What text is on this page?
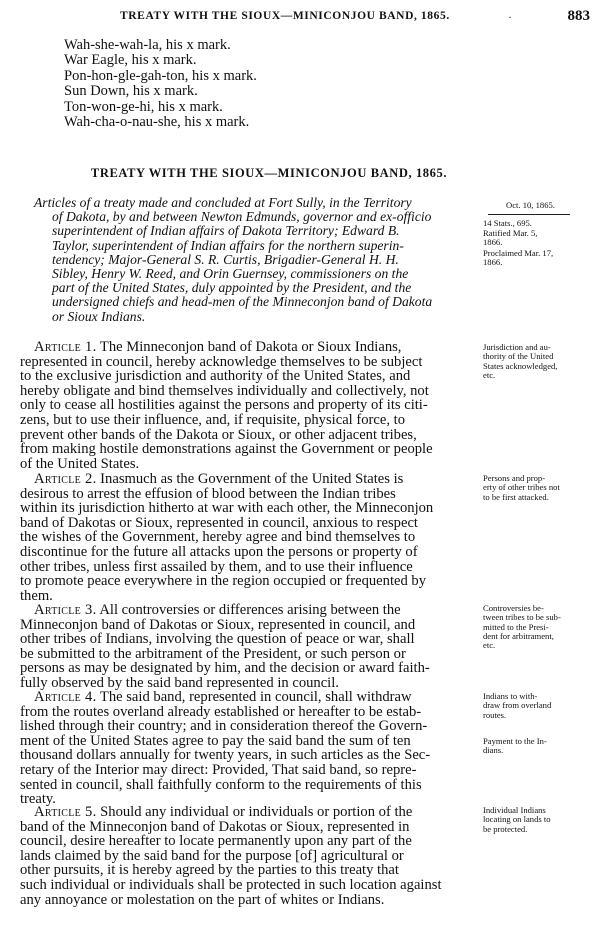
TREATY WITH THE SIOUX—MINICONJOU BAND, 1865.	·	883
Wah-she-wah-la, his x mark.
War Eagle, his x mark.
Pon-hon-gle-gah-ton, his x mark.
Sun Down, his x mark.
Ton-won-ge-hi, his x mark.
Wah-cha-o-nau-she, his x mark.
TREATY WITH THE SIOUX—MINICONJOU BAND, 1865.
Articles of a treaty made and concluded at Fort Sully, in the Territory
of Dakota, by and between Newton Edmunds, governor and ex-officio
superintendent of Indian affairs of Dakota Territory; Edward B.
Taylor, superintendent of Indian affairs for the northern superin-
tendency; Major-General S. R. Curtis, Brigadier-General H. H.
Sibley, Henry W. Reed, and Orin Guernsey, commissioners on the
part of the United States, duly appointed by the President, and the
undersigned chiefs and head-men of the Minneconjon band of Dakota
or Sioux Indians.
Article 1. The Minneconjon band of Dakota or Sioux Indians,
represented in council, hereby acknowledge themselves to be subject
to the exclusive jurisdiction and authority of the United States, and
hereby obligate and bind themselves individually and collectively, not
only to cease all hostilities against the persons and property of its citi-
zens, but to use their influence, and, if requisite, physical force, to
prevent other bands of the Dakota or Sioux, or other adjacent tribes,
from making hostile demonstrations against the Government or people
of the United States.
Article 2. Inasmuch as the Government of the United States is
desirous to arrest the effusion of blood between the Indian tribes
within its jurisdiction hitherto at war with each other, the Minneconjon
band of Dakotas or Sioux, represented in council, anxious to respect
the wishes of the Government, hereby agree and bind themselves to
discontinue for the future all attacks upon the persons or property of
other tribes, unless first assailed by them, and to use their influence
to promote peace everywhere in the region occupied or frequented by
them.
Article 3. All controversies or differences arising between the
Minneconjon band of Dakotas or Sioux, represented in council, and
other tribes of Indians, involving the question of peace or war, shall
be submitted to the arbitrament of the President, or such person or
persons as may be designated by him, and the decision or award faith-
fully observed by the said band represented in council.
Article 4. The said band, represented in council, shall withdraw
from the routes overland already established or hereafter to be estab-
lished through their country; and in consideration thereof the Govern-
ment of the United States agree to pay the said band the sum of ten
thousand dollars annually for twenty years, in such articles as the Sec-
retary of the Interior may direct: Provided, That said band, so repre-
sented in council, shall faithfully conform to the requirements of this
treaty.
Article 5. Should any individual or individuals or portion of the
band of the Minneconjon band of Dakotas or Sioux, represented in
council, desire hereafter to locate permanently upon any part of the
lands claimed by the said band for the purpose [of] agricultural or
other pursuits, it is hereby agreed by the parties to this treaty that
such individual or individuals shall be protected in such location against
any annoyance or molestation on the part of whites or Indians.
Oct. 10, 1865.
14 Stats., 695.
Ratified Mar. 5,
1866.
Proclaimed Mar. 17,
1866.
Jurisdiction and au-
thority of the United
States acknowledged,
etc.
Persons and prop-
erty of other tribes not
to be first attacked.
Controversies be-
tween tribes to be sub-
mitted to the Presi-
dent for arbitrament,
etc.
Indians to with-
draw from overland
routes.
Payment to the In-
dians.
Individual Indians
locating on lands to
be protected.
